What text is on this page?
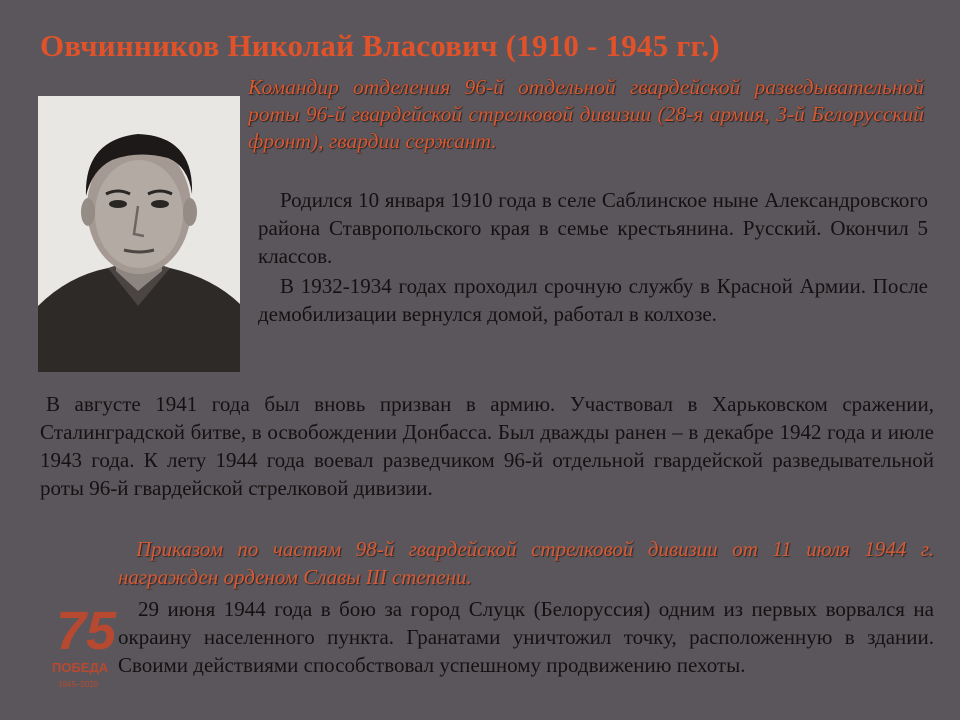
Овчинников Николай Власович (1910 - 1945 гг.)
Командир отделения 96-й отдельной гвардейской разведывательной роты 96-й гвардейской стрелковой дивизии (28-я армия, 3-й Белорусский фронт), гвардии сержант.

Родился 10 января 1910 года в селе Саблинское ныне Александровского района Ставропольского края в семье крестьянина. Русский. Окончил 5 классов.

В 1932-1934 годах проходил срочную службу в Красной Армии. После демобилизации вернулся домой, работал в колхозе.

В августе 1941 года был вновь призван в армию. Участвовал в Харьковском сражении, Сталинградской битве, в освобождении Донбасса. Был дважды ранен – в декабре 1942 года и июле 1943 года. К лету 1944 года воевал разведчиком 96-й отдельной гвардейской разведывательной роты 96-й гвардейской стрелковой дивизии.

75
ПОБЕДА
1945–2020
Приказом по частям 98-й гвардейской стрелковой дивизии от 11 июля 1944 г. награжден орденом Славы III степени.

29 июня 1944 года в бою за город Слуцк (Белоруссия) одним из первых ворвался на окраину населенного пункта. Гранатами уничтожил точку, расположенную в здании. Своими действиями способствовал успешному продвижению пехоты.
